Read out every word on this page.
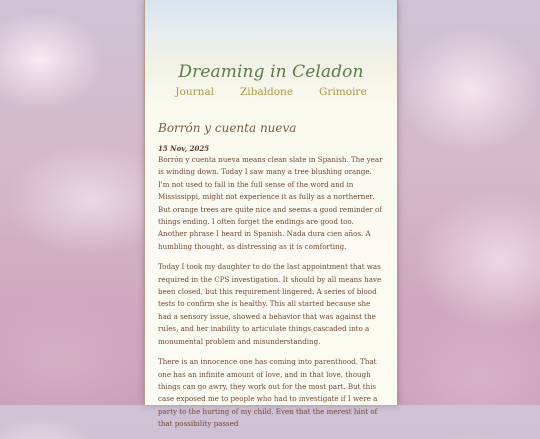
Dreaming in Celadon
Journal Zibaldone Grimoire
Borrón y cuenta nueva
15 Nov, 2025

Borrón y cuenta nueva means clean slate in Spanish. The year is winding down. Today I saw many a tree blushing orange. I'm not used to fall in the full sense of the word and in Mississippi, might not experience it as fully as a northerner. But orange trees are quite nice and seems a good reminder of things ending. I often forget the endings are good too. Another phrase I heard in Spanish. Nada dura cien años. A humbling thought, as distressing as it is comforting.

Today I took my daughter to do the last appointment that was required in the CPS investigation. It should by all means have been closed, but this requirement lingered. A series of blood tests to confirm she is healthy. This all started because she had a sensory issue, showed a behavior that was against the rules, and her inability to articulate things cascaded into a monumental problem and misunderstanding.

There is an innocence one has coming into parenthood. That one has an infinite amount of love, and in that love, though things can go awry, they work out for the most part. But this case exposed me to people who had to investigate if I were a party to the hurting of my child. Even that the merest hint of that possibility passed
